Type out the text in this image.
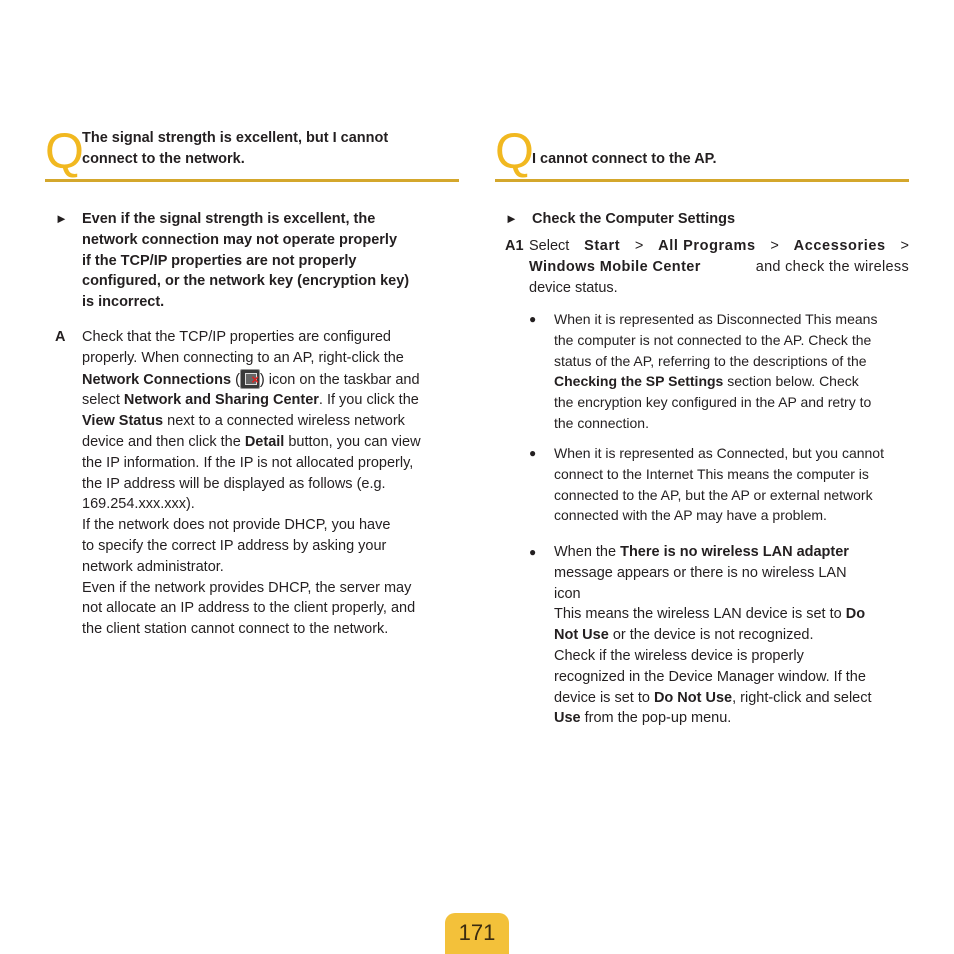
Q
The signal strength is excellent, but I cannot
connect to the network.
► Even if the signal strength is excellent, the
network connection may not operate properly
if the TCP/IP properties are not properly
configured, or the network key (encryption key)
is incorrect.
A Check that the TCP/IP properties are configured
properly. When connecting to an AP, right-click the
Network Connections (× ) icon on the taskbar and
select Network and Sharing Center. If you click the
View Status next to a connected wireless network
device and then click the Detail button, you can view
the IP information. If the IP is not allocated properly,
the IP address will be displayed as follows (e.g.
169.254.xxx.xxx).
If the network does not provide DHCP, you have
to specify the correct IP address by asking your
network administrator.
Even if the network provides DHCP, the server may
not allocate an IP address to the client properly, and
the client station cannot connect to the network.
Q
I cannot connect to the AP.
► Check the Computer Settings
A1 Select Start > All Programs > Accessories >
Windows Mobile Center	and check the wireless
device status.
● When it is represented as Disconnected This means
the computer is not connected to the AP. Check the
status of the AP, referring to the descriptions of the
Checking the SP Settings section below. Check
the encryption key configured in the AP and retry to
the connection.
● When it is represented as Connected, but you cannot
connect to the Internet This means the computer is
connected to the AP, but the AP or external network
connected with the AP may have a problem.
● When the There is no wireless LAN adapter
message appears or there is no wireless LAN
icon
This means the wireless LAN device is set to Do
Not Use or the device is not recognized.
Check if the wireless device is properly
recognized in the Device Manager window. If the
device is set to Do Not Use, right-click and select
Use from the pop-up menu.
171
